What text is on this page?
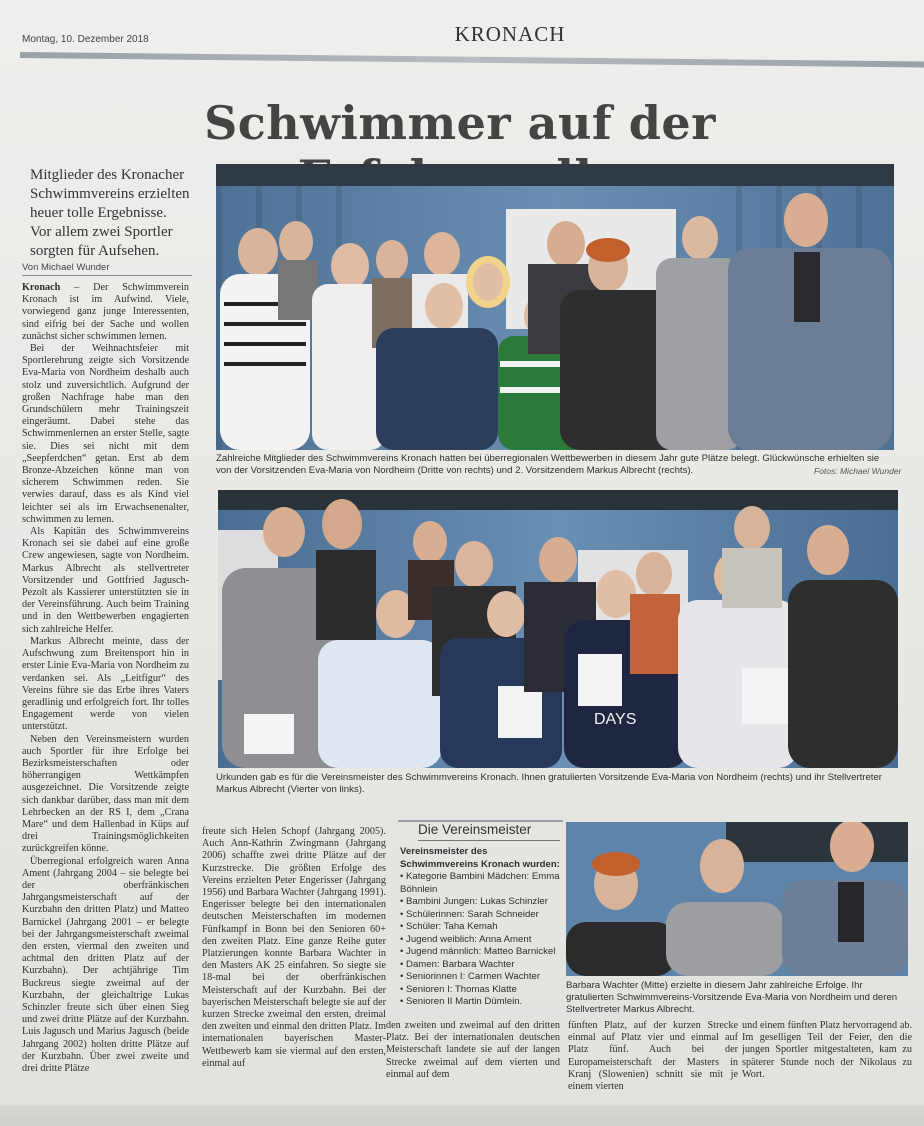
Montag, 10. Dezember 2018	KRONACH
Schwimmer auf der
Mitglieder des Kronacher Schwimmvereins erzielten heuer tolle Ergebnisse. Vor allem zwei Sportler sorgten für Aufsehen.
Von Michael Wunder

Kronach – Der Schwimmverein Kronach ist im Aufwind. Viele, vorwiegend ganz junge Interessenten, sind eifrig bei der Sache und wollen zunächst sicher schwimmen lernen.

Bei der Weihnachtsfeier mit Sportlerehrung zeigte sich Vorsitzende Eva-Maria von Nordheim deshalb auch stolz und zuversichtlich. Aufgrund der großen Nachfrage habe man den Grundschülern mehr Trainingszeit eingeräumt. Dabei stehe das Schwimmenlernen an erster Stelle, sagte sie. Dies sei nicht mit dem „Seepferdchen“ getan. Erst ab dem Bronze-Abzeichen könne man von sicherem Schwimmen reden. Sie verwies darauf, dass es als Kind viel leichter sei als im Erwachsenenalter, schwimmen zu lernen.

Als Kapitän des Schwimmvereins Kronach sei sie dabei auf eine große Crew angewiesen, sagte von Nordheim. Markus Albrecht als stellvertreter Vorsitzender und Gottfried Jagusch-Pezolt als Kassierer unterstützten sie in der Vereinsführung. Auch beim Training und in den Wettbewerben engagierten sich zahlreiche Helfer.

Markus Albrecht meinte, dass der Aufschwung zum Breitensport hin in erster Linie Eva-Maria von Nordheim zu verdanken sei. Als „Leitfigur“ des Vereins führe sie das Erbe ihres Vaters geradlinig und erfolgreich fort. Ihr tolles Engagement werde von vielen unterstützt.

Neben den Vereinsmeistern wurden auch Sportler für ihre Erfolge bei Bezirksmeisterschaften oder höherrangigen Wettkämpfen ausgezeichnet. Die Vorsitzende zeigte sich dankbar darüber, dass man mit dem Lehrbecken an der RS I, dem „Crana Mare“ und dem Hallenbad in Küps auf drei Trainingsmöglichkeiten zurückgreifen könne.

Überregional erfolgreich waren Anna Ament (Jahrgang 2004 – sie belegte bei der oberfränkischen Jahrgangsmeisterschaft auf der Kurzbahn den dritten Platz) und Matteo Barnickel (Jahrgang 2001 – er belegte bei der Jahrgangsmeisterschaft zweimal den ersten, viermal den zweiten und achtmal den dritten Platz auf der Kurzbahn). Der achtjährige Tim Buckreus siegte zweimal auf der Kurzbahn, der gleichaltrige Lukas Schinzler freute sich über einen Sieg und zwei dritte Plätze auf der Kurzbahn. Luis Jagusch und Marius Jagusch (beide Jahrgang 2002) holten dritte Plätze auf der Kurzbahn. Über zwei zweite und drei dritte Plätze

Zahlreiche Mitglieder des Schwimmvereins Kronach hatten bei überregionalen Wettbewerben in diesem Jahr gute Plätze belegt. Glückwünsche erhielten sie von der Vorsitzenden Eva-Maria von Nordheim (Dritte von rechts) und 2. Vorsitzendem Markus Albrecht (rechts).	Fotos: Michael Wunder
DAYS
Urkunden gab es für die Vereinsmeister des Schwimmvereins Kronach. Ihnen gratulierten Vorsitzende Eva-Maria von Nordheim (rechts) und ihr Stellvertreter Markus Albrecht (Vierter von links).

freute sich Helen Schopf (Jahrgang 2005). Auch Ann-Kathrin Zwingmann (Jahrgang 2006) schaffte zwei dritte Plätze auf der Kurzstrecke. Die größten Erfolge des Vereins erzielten Peter Engerisser (Jahrgang 1956) und Barbara Wachter (Jahrgang 1991). Engerisser belegte bei den internationalen deutschen Meisterschaften im modernen Fünfkampf in Bonn bei den Senioren 60+ den zweiten Platz. Eine ganze Reihe guter Platzierungen konnte Barbara Wachter in den Masters AK 25 einfahren. So siegte sie 18-mal bei der oberfränkischen Meisterschaft auf der Kurzbahn. Bei der bayerischen Meisterschaft belegte sie auf der kurzen Strecke zweimal den ersten, dreimal den zweiten und einmal den dritten Platz. Im internationalen bayerischen Master-Wettbewerb kam sie viermal auf den ersten, einmal auf

Die Vereinsmeister
Vereinsmeister des Schwimmvereins Kronach wurden:
• Kategorie Bambini Mädchen: Emma Böhnlein
• Bambini Jungen: Lukas Schinzler
• Schülerinnen: Sarah Schneider
• Schüler: Taha Kemah
• Jugend weiblich: Anna Ament
• Jugend männlich: Matteo Barnickel
• Damen: Barbara Wachter
• Seniorinnen I: Carmen Wachter
• Senioren I: Thomas Klatte
• Senioren II Martin Dümlein.
Barbara Wachter (Mitte) erzielte in diesem Jahr zahlreiche Erfolge. Ihr gratulierten Schwimmvereins-Vorsitzende Eva-Maria von Nordheim und deren Stellvertreter Markus Albrecht.

den zweiten und zweimal auf den dritten Platz. Bei der internationalen deutschen Meisterschaft landete sie auf der langen Strecke zweimal auf dem vierten und einmal auf dem

fünften Platz, auf der kurzen Strecke einmal auf Platz vier und einmal auf Platz fünf. Auch bei der Europameisterschaft der Masters in Kranj (Slowenien) schnitt sie mit je einem vierten

und einem fünften Platz hervorragend ab. Im geselligen Teil der Feier, den die jungen Sportler mitgestalteten, kam zu späterer Stunde noch der Nikolaus zu Wort.
